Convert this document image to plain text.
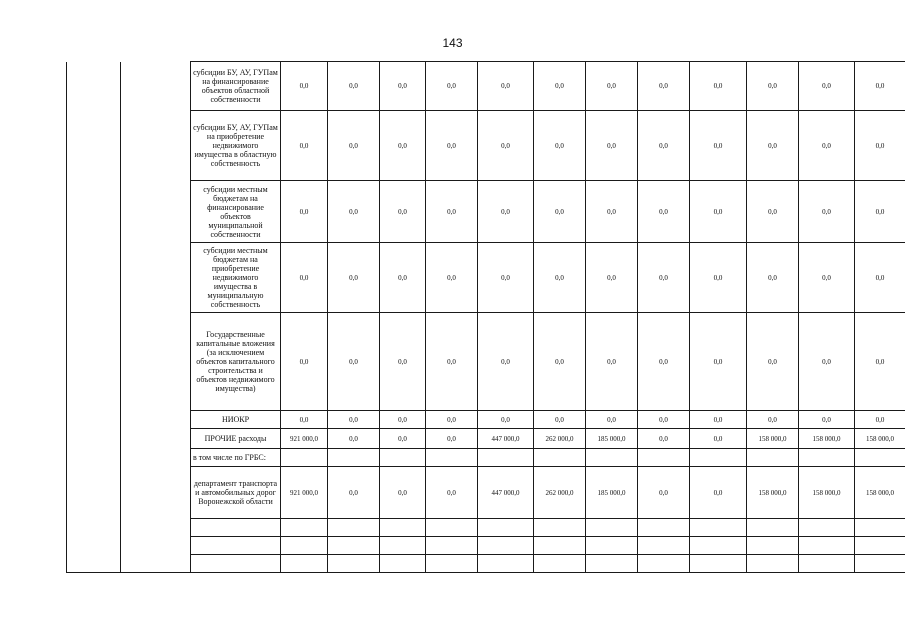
143
		субсидии БУ, АУ, ГУПам на финансирование объектов областной собственности	0,0	0,0	0,0	0,0	0,0	0,0	0,0	0,0	0,0	0,0	0,0	0,0
		субсидии БУ, АУ, ГУПам на приобретение недвижимого имущества в областную собственность	0,0	0,0	0,0	0,0	0,0	0,0	0,0	0,0	0,0	0,0	0,0	0,0
		субсидии местным бюджетам на финансирование объектов муниципальной собственности	0,0	0,0	0,0	0,0	0,0	0,0	0,0	0,0	0,0	0,0	0,0	0,0
		субсидии местным бюджетам на приобретение недвижимого имущества в муниципальную собственность	0,0	0,0	0,0	0,0	0,0	0,0	0,0	0,0	0,0	0,0	0,0	0,0
		Государственные капитальные вложения (за исключением объектов капитального строительства и объектов недвижимого имущества)	0,0	0,0	0,0	0,0	0,0	0,0	0,0	0,0	0,0	0,0	0,0	0,0
		НИОКР	0,0	0,0	0,0	0,0	0,0	0,0	0,0	0,0	0,0	0,0	0,0	0,0
		ПРОЧИЕ расходы	921 000,0	0,0	0,0	0,0	447 000,0	262 000,0	185 000,0	0,0	0,0	158 000,0	158 000,0	158 000,0
		в том числе по ГРБС:												
		департамент транспорта и автомобильных дорог Воронежской области	921 000,0	0,0	0,0	0,0	447 000,0	262 000,0	185 000,0	0,0	0,0	158 000,0	158 000,0	158 000,0
